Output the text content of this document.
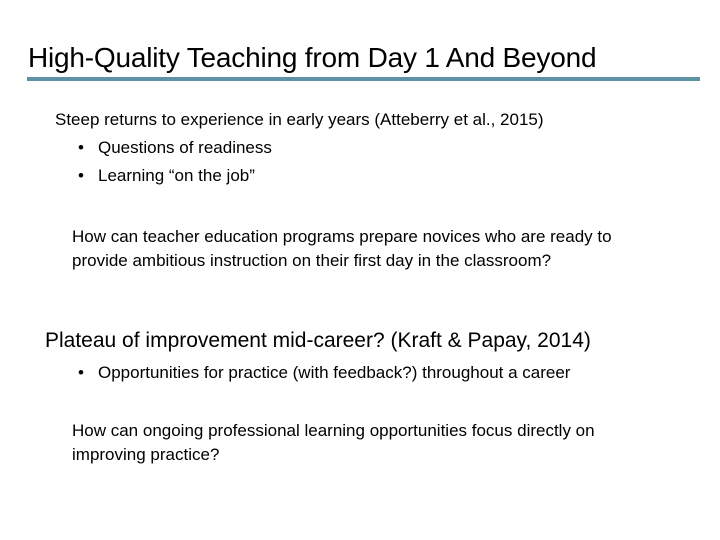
High-Quality Teaching from Day 1 And Beyond
Steep returns to experience in early years (Atteberry et al., 2015)
• Questions of readiness
• Learning “on the job”
How can teacher education programs prepare novices who are ready to provide ambitious instruction on their first day in the classroom?
Plateau of improvement mid-career? (Kraft & Papay, 2014)
• Opportunities for practice (with feedback?) throughout a career
How can ongoing professional learning opportunities focus directly on improving practice?
